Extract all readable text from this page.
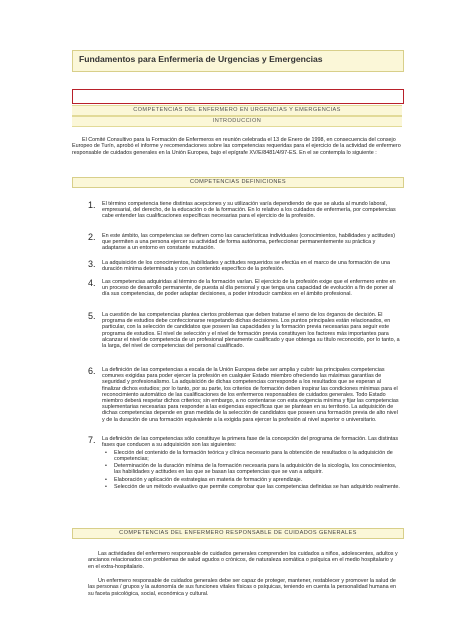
Fundamentos para Enfermeria de Urgencias y Emergencias
COMPETENCIAS DEL ENFERMERO EN URGENCIAS Y EMERGENCIAS
INTRODUCCION

El Comité Consultivo para la Formación de Enfermeros en reunión celebrada el 13 de Enero de 1998, en consecuencia del consejo Europeo de Turín, aprobó el informe y recomendaciones sobre las competencias requeridas para el ejercicio de la actividad de enfermero responsable de cuidados generales en la Unión Europea, bajo el epígrafe XV/E/8481/4/97-ES. En el se contempla lo siguiente :

COMPETENCIAS DEFINICIONES
1. El término competencia tiene distintas acepciones y su utilización varía dependiendo de que se aluda al mundo laboral, empresarial, del derecho, de la educación o de la formación. En lo relativo a los cuidados de enfermería, por competencias cabe entender las cualificaciones específicas necesarias para el ejercicio de la profesión.

2. En este ámbito, las competencias se definen como las características individuales (conocimientos, habilidades y actitudes) que permiten a una persona ejercer su actividad de forma autónoma, perfeccionar permanentemente su práctica y adaptarse a un entorno en constante mutación.

3. La adquisición de los conocimientos, habilidades y actitudes requeridos se efectúa en el marco de una formación de una duración mínima determinada y con un contenido específico de la profesión.

4. Las competencias adquiridas al término de la formación varían. El ejercicio de la profesión exige que el enfermero entre en un proceso de desarrollo permanente, de puesta al día personal y que tenga una capacidad de evolución a fin de poner al día sus competencias, de poder adaptar decisiones, a poder introducir cambios en el ámbito profesional.

5. La cuestión de las competencias plantea ciertos problemas que deben tratarse el seno de los órganos de decisión. El programa de estudios debe confeccionarse respetando dichas decisiones. Los puntos principales están relacionados, en particular, con la selección de candidatos que poseen las capacidades y la formación previa necesarias para seguir este programa de estudios. El nivel de selección y el nivel de formación previa constituyen los factores más importantes para alcanzar el nivel de competencia de un profesional plenamente cualificado y que obtenga su título reconocido, por lo tanto, a la larga, del nivel de competencias del personal cualificado.

6. La definición de las competencias a escala de la Unión Europea debe ser amplia y cubrir las principales competencias comunes exigidas para poder ejercer la profesión en cualquier Estado miembro ofreciendo las máximas garantías de seguridad y profesionalismo. La adquisición de dichas competencias corresponde a los resultados que se esperan al finalizar dichos estudios; por lo tanto, por su parte, los criterios de formación deben inspirar las condiciones mínimas para el reconocimiento automático de las cualificaciones de los enfermeros responsables de cuidados generales. Todo Estado miembro deberá respetar dichos criterios; sin embargo, a no contentarse con esta exigencia mínima y fijar las competencias suplementarias necesarias para responder a las exigencias específicas que se plantean en su territorio. La adquisición de dichas competencias depende en gran medida de la selección de candidatos que poseen una formación previa de alto nivel y de la duración de una formación equivalente a la exigida para ejercer la profesión al nivel superior o universitario.

7. La definición de las competencias sólo constituye la primera fase de la concepción del programa de formación. Las distintas fases que conducen a su adquisición son las siguientes:

• Elección del contenido de la formación teórica y clínica necesario para la obtención de resultados o la adquisición de competencias;
• Determinación de la duración mínima de la formación necesaria para la adquisición de la sicología, los conocimientos, las habilidades y actitudes en las que se basan las competencias que se van a adquirir.
• Elaboración y aplicación de estrategias en materia de formación y aprendizaje.
• Selección de un método evaluativo que permite comprobar que las competencias definidas se han adquirido realmente.
COMPETENCIAS DEL ENFERMERO RESPONSABLE DE CUIDADOS GENERALES

Las actividades del enfermero responsable de cuidados generales comprenden los cuidados a niños, adolescentes, adultos y ancianos relacionados con problemas de salud agudos o crónicos, de naturaleza somática o psíquica en el medio hospitalario y en el extra-hospitalario.

Un enfermero responsable de cuidados generales debe ser capaz de proteger, mantener, restablecer y promover la salud de las personas / grupos y la autonomía de sus funciones vitales físicas o psíquicas, teniendo en cuenta la personalidad humana en su faceta psicológica, social, económica y cultural.
